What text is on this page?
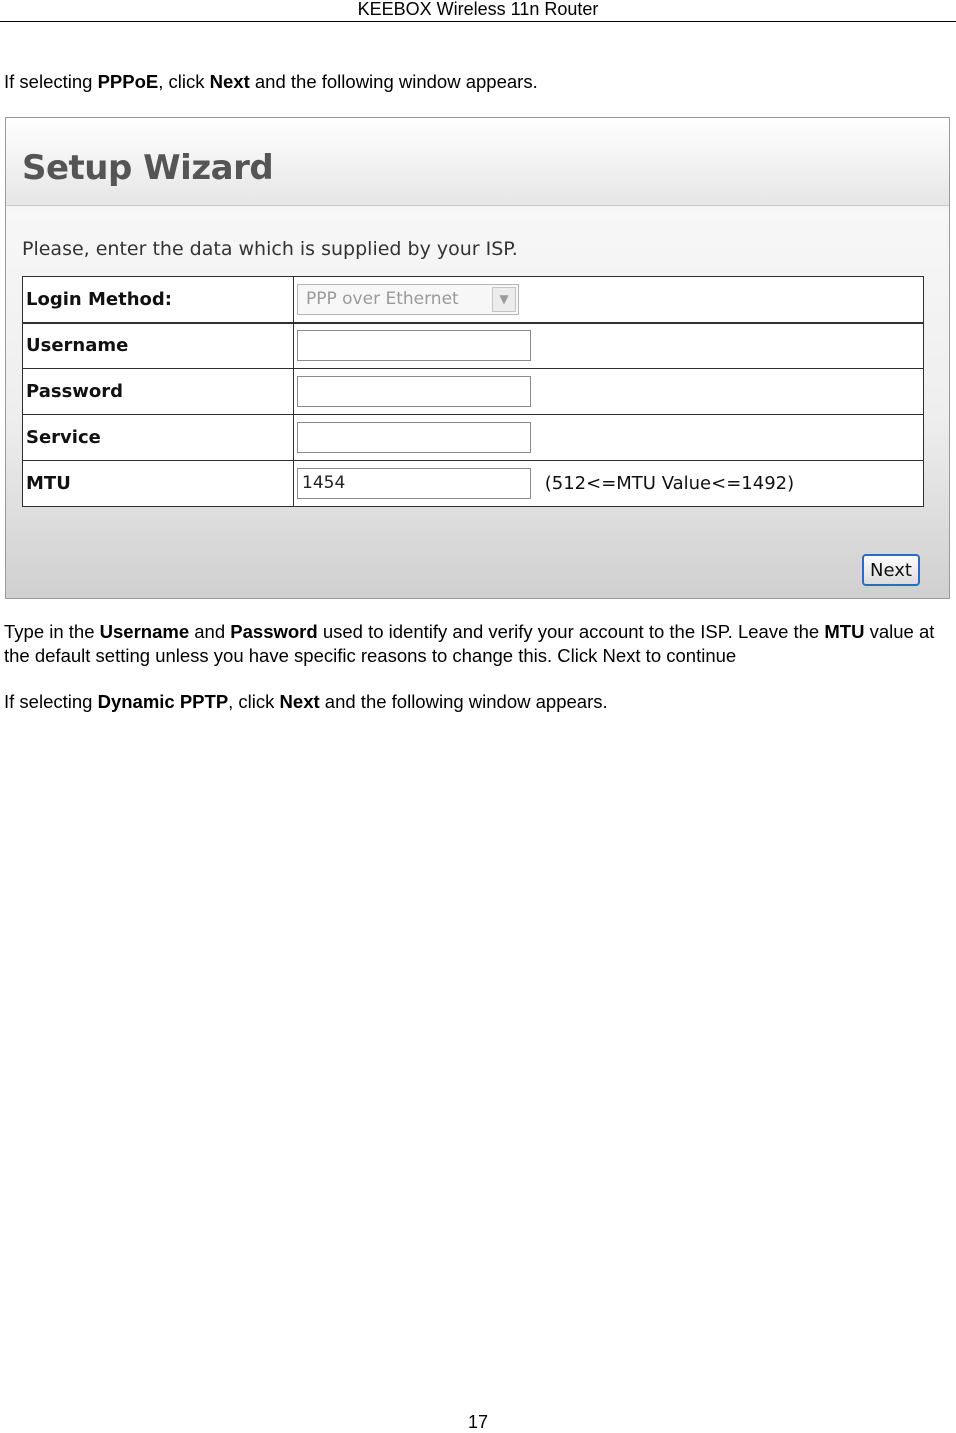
KEEBOX Wireless 11n Router

If selecting PPPoE, click Next and the following window appears.

Setup Wizard
Please, enter the data which is supplied by your ISP.
Login Method:	PPP over Ethernet ▼

Username	
Password	
Service	
MTU	1454 (512<=MTU Value<=1492)
Next

Type in the Username and Password used to identify and verify your account to the ISP. Leave the MTU value at the default setting unless you have specific reasons to change this. Click Next to continue

If selecting Dynamic PPTP, click Next and the following window appears.

17
